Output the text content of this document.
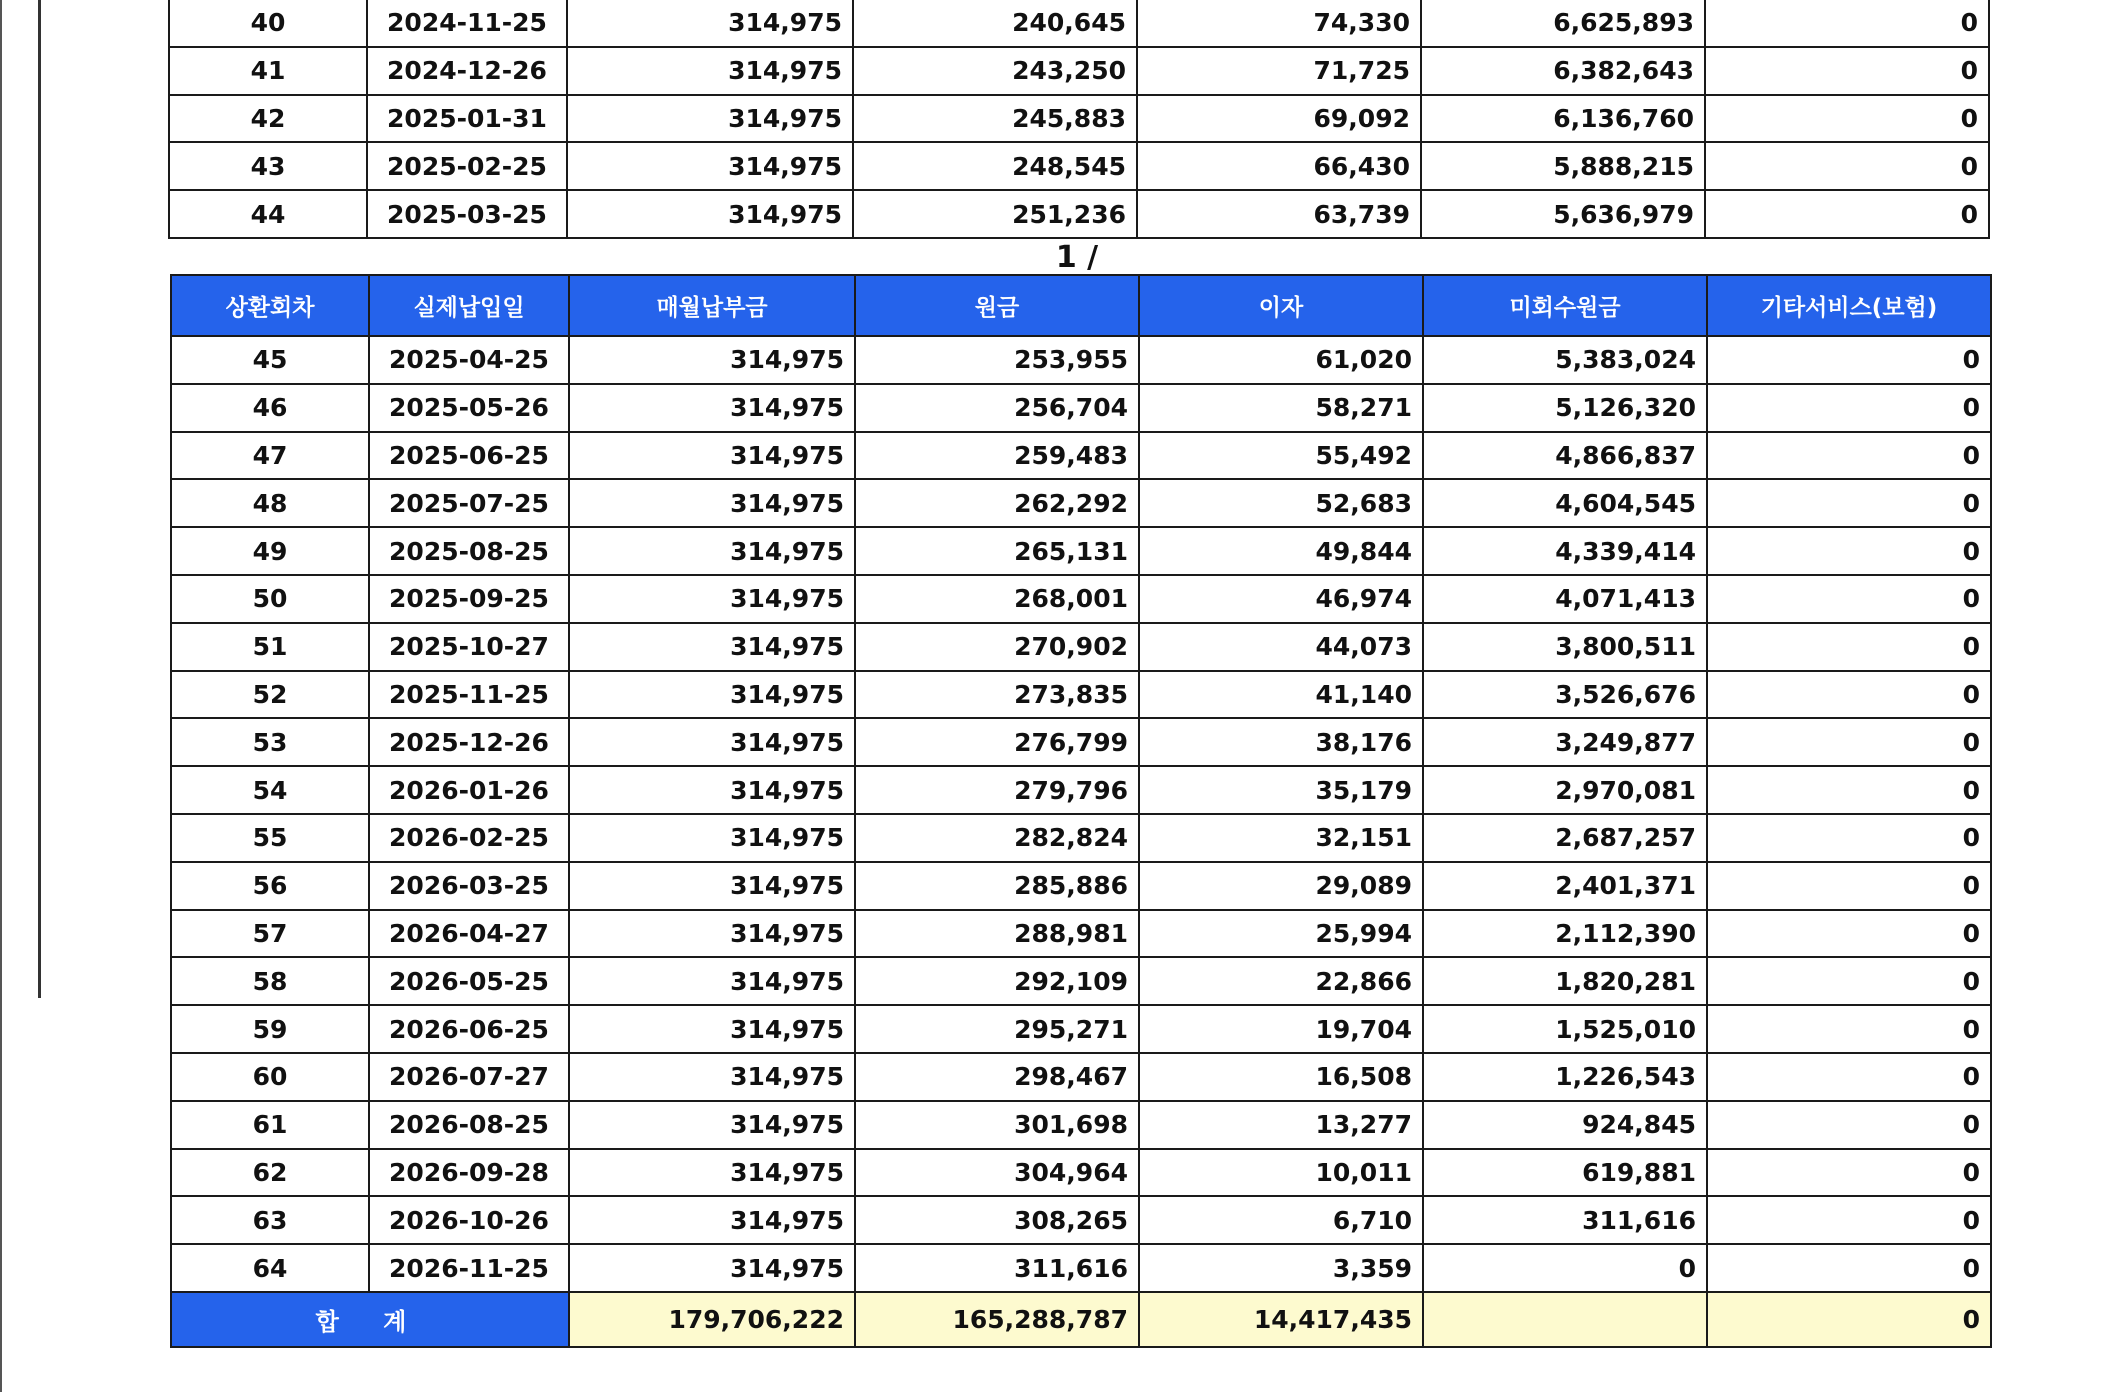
40	2024-11-25	314,975	240,645	74,330	6,625,893	0
41	2024-12-26	314,975	243,250	71,725	6,382,643	0
42	2025-01-31	314,975	245,883	69,092	6,136,760	0
43	2025-02-25	314,975	248,545	66,430	5,888,215	0
44	2025-03-25	314,975	251,236	63,739	5,636,979	0
1 /
상환회차	실제납입일	매월납부금	원금	이자	미회수원금	기타서비스(보험)
45	2025-04-25	314,975	253,955	61,020	5,383,024	0
46	2025-05-26	314,975	256,704	58,271	5,126,320	0
47	2025-06-25	314,975	259,483	55,492	4,866,837	0
48	2025-07-25	314,975	262,292	52,683	4,604,545	0
49	2025-08-25	314,975	265,131	49,844	4,339,414	0
50	2025-09-25	314,975	268,001	46,974	4,071,413	0
51	2025-10-27	314,975	270,902	44,073	3,800,511	0
52	2025-11-25	314,975	273,835	41,140	3,526,676	0
53	2025-12-26	314,975	276,799	38,176	3,249,877	0
54	2026-01-26	314,975	279,796	35,179	2,970,081	0
55	2026-02-25	314,975	282,824	32,151	2,687,257	0
56	2026-03-25	314,975	285,886	29,089	2,401,371	0
57	2026-04-27	314,975	288,981	25,994	2,112,390	0
58	2026-05-25	314,975	292,109	22,866	1,820,281	0
59	2026-06-25	314,975	295,271	19,704	1,525,010	0
60	2026-07-27	314,975	298,467	16,508	1,226,543	0
61	2026-08-25	314,975	301,698	13,277	924,845	0
62	2026-09-28	314,975	304,964	10,011	619,881	0
63	2026-10-26	314,975	308,265	6,710	311,616	0
64	2026-11-25	314,975	311,616	3,359	0	0
합 계		179,706,222	165,288,787	14,417,435		0
